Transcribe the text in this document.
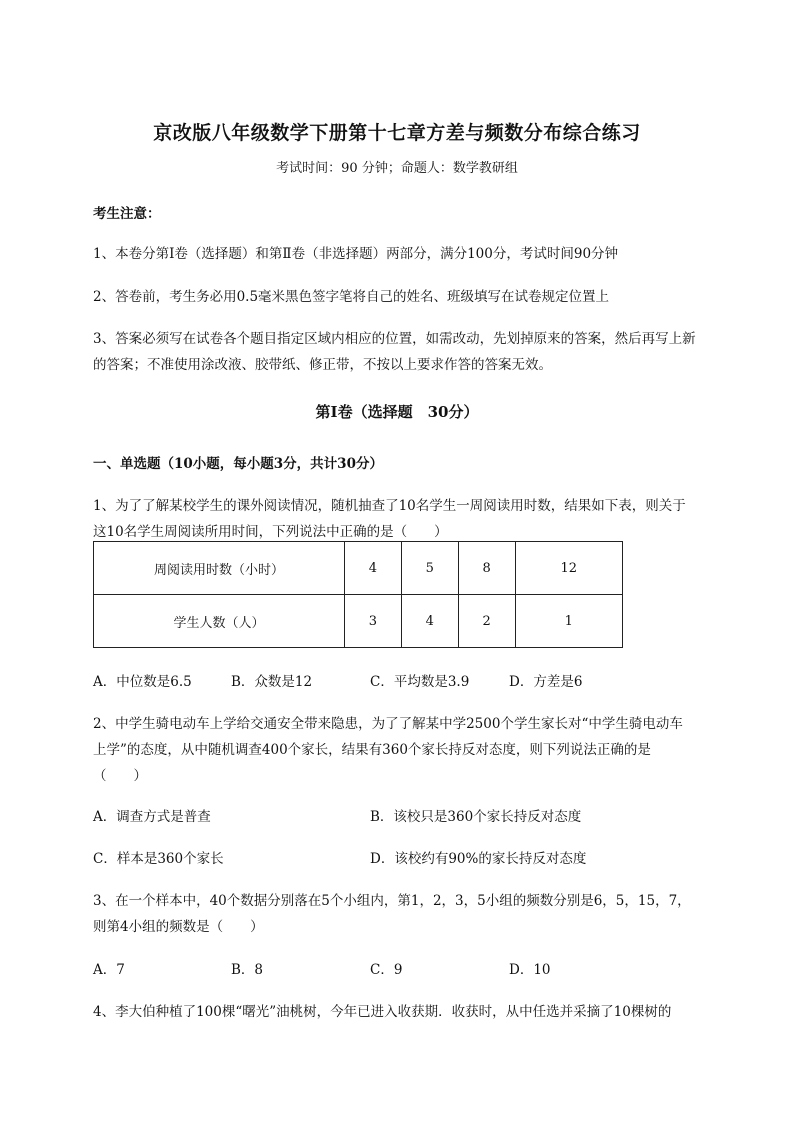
京改版八年级数学下册第十七章方差与频数分布综合练习
考试时间：90 分钟；命题人：数学教研组
考生注意：
1、本卷分第Ⅰ卷（选择题）和第Ⅱ卷（非选择题）两部分，满分100分，考试时间90分钟
2、答卷前，考生务必用0.5毫米黑色签字笔将自己的姓名、班级填写在试卷规定位置上
3、答案必须写在试卷各个题目指定区域内相应的位置，如需改动，先划掉原来的答案，然后再写上新
的答案；不准使用涂改液、胶带纸、修正带，不按以上要求作答的答案无效。
第Ⅰ卷（选择题　30分）
一、单选题（10小题，每小题3分，共计30分）
1、为了了解某校学生的课外阅读情况，随机抽查了10名学生一周阅读用时数，结果如下表，则关于
这10名学生周阅读所用时间，下列说法中正确的是（　　）
周阅读用时数（小时）	4	5	8	12
学生人数（人）	3	4	2	1
A．中位数是6.5	B．众数是12	C．平均数是3.9	D．方差是6
2、中学生骑电动车上学给交通安全带来隐患，为了了解某中学2500个学生家长对“中学生骑电动车
上学”的态度，从中随机调查400个家长，结果有360个家长持反对态度，则下列说法正确的是
（　　）
A．调查方式是普查	B．该校只是360个家长持反对态度
C．样本是360个家长	D．该校约有90%的家长持反对态度
3、在一个样本中，40个数据分别落在5个小组内，第1，2，3，5小组的频数分别是6，5，15，7，
则第4小组的频数是（　　）
A．7	B．8	C．9	D．10
4、李大伯种植了100棵“曙光”油桃树，今年已进入收获期．收获时，从中任选并采摘了10棵树的
